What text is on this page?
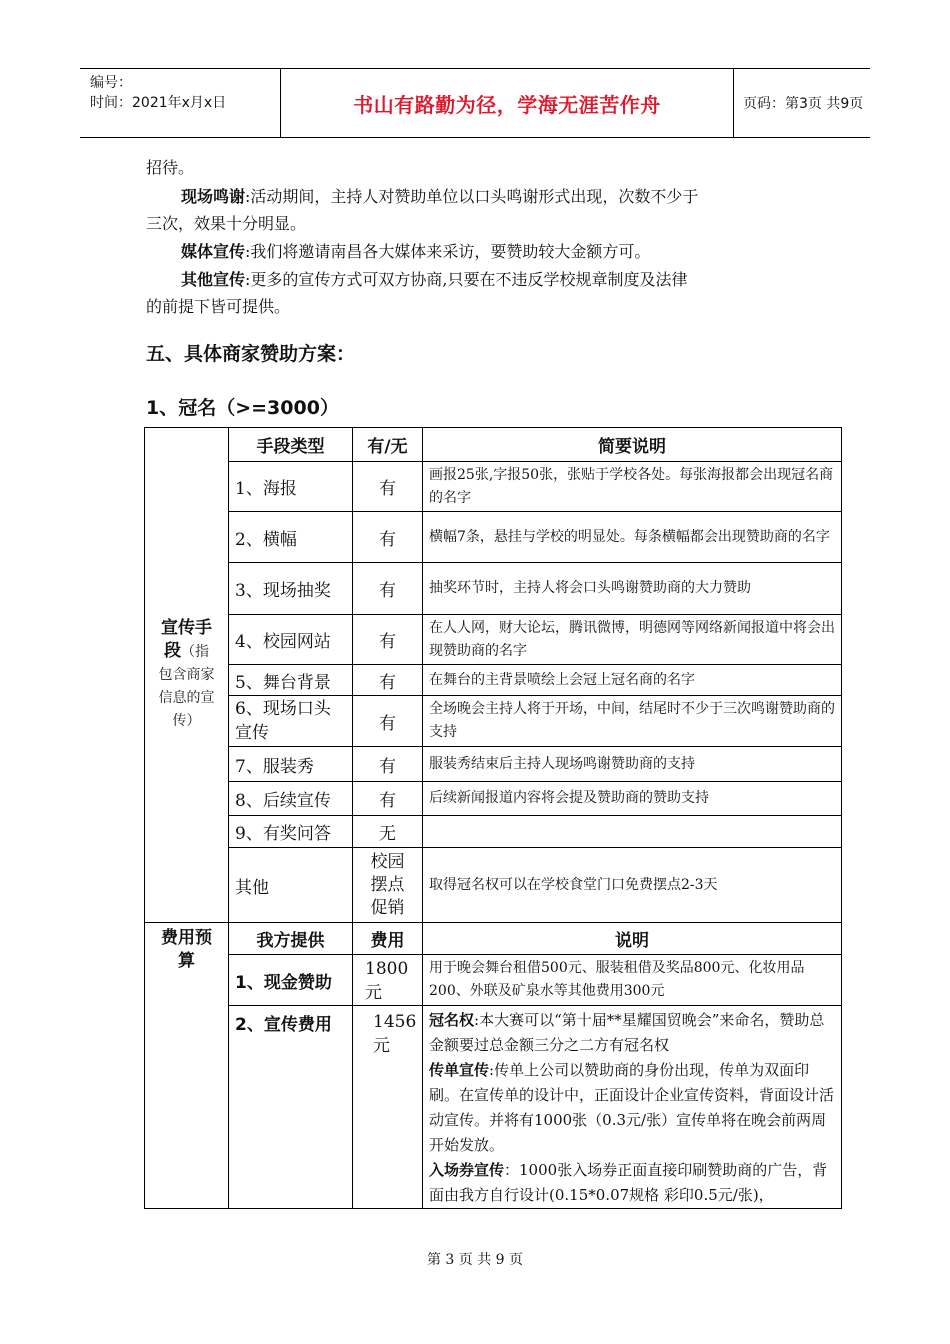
编号：
时间：2021年x月x日	书山有路勤为径，学海无涯苦作舟	页码：第3页 共9页
招待。
现场鸣谢:活动期间，主持人对赞助单位以口头鸣谢形式出现，次数不少于
三次，效果十分明显。
媒体宣传:我们将邀请南昌各大媒体来采访，要赞助较大金额方可。
其他宣传:更多的宣传方式可双方协商,只要在不违反学校规章制度及法律
的前提下皆可提供。
五、具体商家赞助方案：
1、冠名（>=3000）
宣传手
段（指
包含商家
信息的宣
传）	手段类型	有/无	简要说明
	1、海报	有	画报25张,字报50张，张贴于学校各处。每张海报都会出现冠名商的名字
	2、横幅	有	横幅7条，悬挂与学校的明显处。每条横幅都会出现赞助商的名字
	3、现场抽奖	有	抽奖环节时，主持人将会口头鸣谢赞助商的大力赞助
	4、校园网站	有	在人人网，财大论坛，腾讯微博，明德网等网络新闻报道中将会出现赞助商的名字
	5、舞台背景	有	在舞台的主背景喷绘上会冠上冠名商的名字
	6、现场口头宣传	有	全场晚会主持人将于开场，中间，结尾时不少于三次鸣谢赞助商的支持
	7、服装秀	有	服装秀结束后主持人现场鸣谢赞助商的支持
	8、后续宣传	有	后续新闻报道内容将会提及赞助商的赞助支持
	9、有奖问答	无	
	其他	校园摆点促销	取得冠名权可以在学校食堂门口免费摆点2-3天
费用预
算	我方提供	费用	说明
	1、现金赞助	1800元	用于晚会舞台租借500元、服装租借及奖品800元、化妆用品200、外联及矿泉水等其他费用300元
	2、宣传费用	1456元	冠名权:本大赛可以“第十届**星耀国贸晚会”来命名，赞助总金额要过总金额三分之二方有冠名权
传单宣传:传单上公司以赞助商的身份出现，传单为双面印刷。在宣传单的设计中，正面设计企业宣传资料，背面设计活动宣传。并将有1000张（0.3元/张）宣传单将在晚会前两周开始发放。
入场券宣传：1000张入场券正面直接印刷赞助商的广告，背面由我方自行设计(0.15*0.07规格 彩印0.5元/张)，
第 3 页 共 9 页
